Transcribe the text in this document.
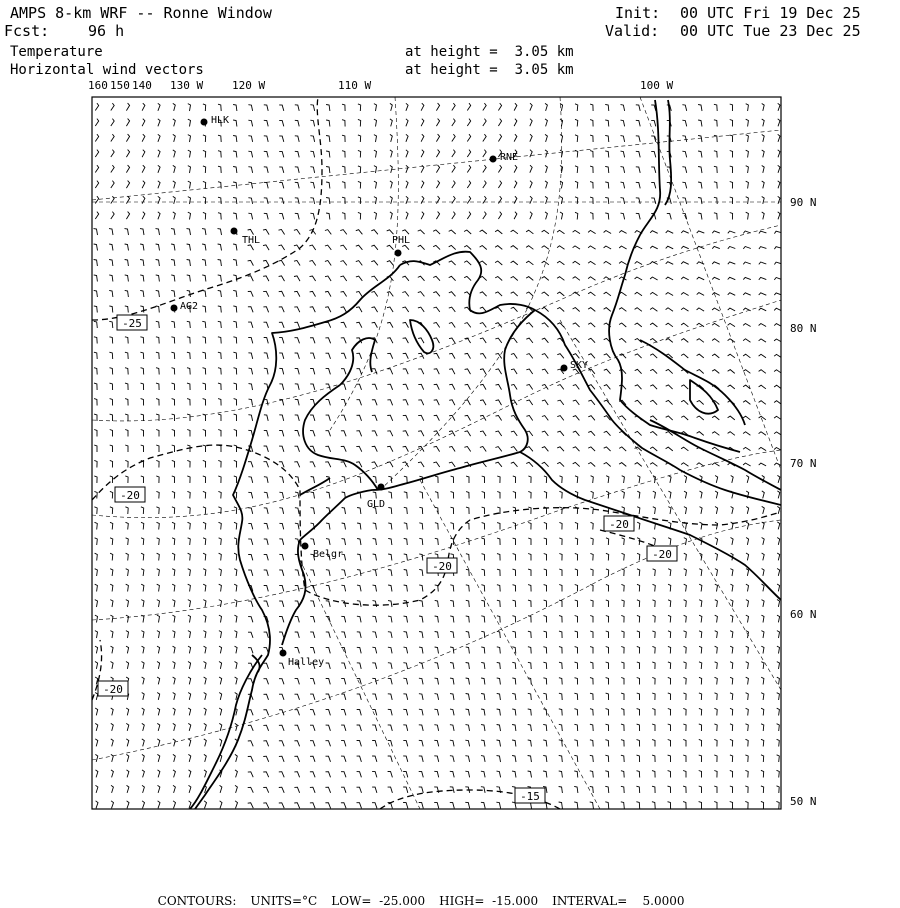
AMPS 8-km WRF -- Ronne Window	Init: 00 UTC Fri 19 Dec 25
Fcst:	96 h	Valid: 00 UTC Tue 23 Dec 25
Temperature	at height =  3.05 km
Horizontal wind vectors	at height =  3.05 km
HLK
RNE
THL	PHL
AG2
SKY
GLD
Belgr
Halley
-25
-20
-20
-20
-20
-20
-15
160 150 140 130 W	120 W	110 W	100 W
90 N
80 N
70 N
60 N
50 N

CONTOURS: UNITS=°C LOW=  -25.000 HIGH=  -15.000 INTERVAL=    5.0000
